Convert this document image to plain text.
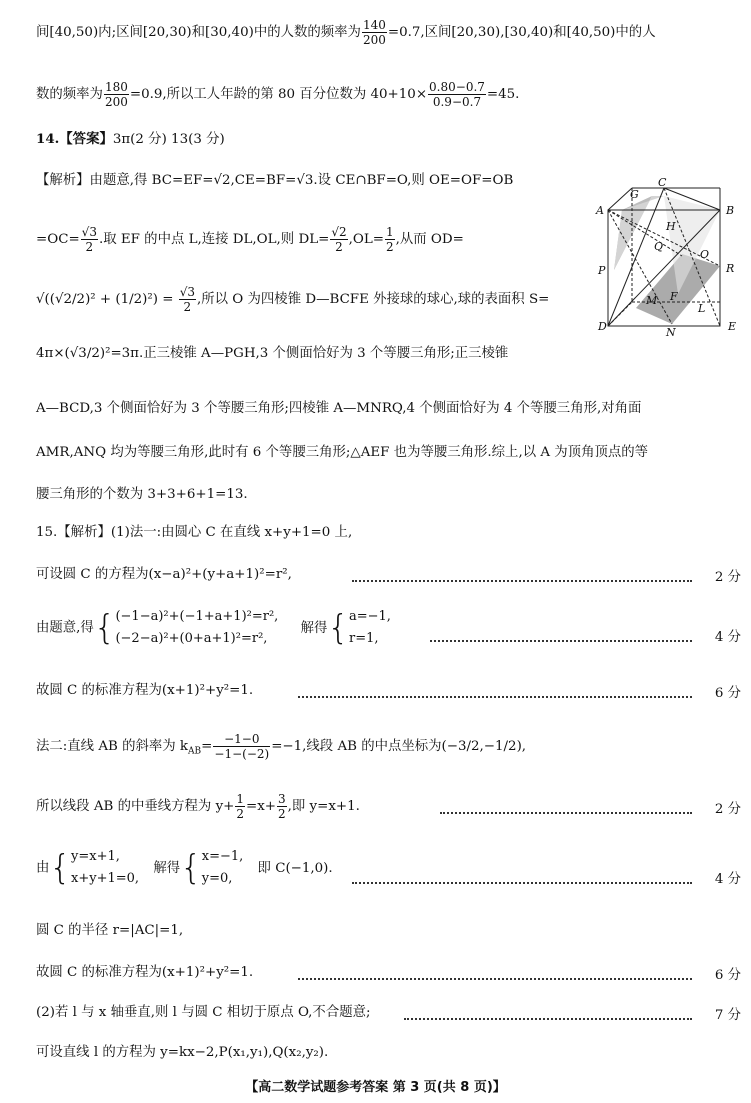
间[40,50)内;区间[20,30)和[30,40)中的人数的频率为 $\frac{140}{200} =0.7$,区间[20,30),[30,40)和[40,50)中的人
数的频率为 $\frac{180}{200} =0.9$,所以工人年龄的第 80 百分位数为 $40+10\times \frac{0.80-0.7}{0.9-0.7} =45$.
14.【答案】3π(2 分) 13(3 分)
【解析】由题意,得 BC=EF=√2,CE=BF=√3.设 CE∩BF=O,则 OE=OF=OB
$=OC= \frac{√3}{2}$ .取 EF 的中点 L,连接 DL,OL,则 $DL= \frac{√2}{2} ,OL= \frac{1}{2}$ ,从而 OD=
$√((√2/2)^2 + (1/2)^2) = \frac{√3}{2}$ ,所以 O 为四棱锥 D—BCFE 外接球的球心,球的表面积 S=
4π×(√3/2)²=3π.正三棱锥 A—PGH,3 个侧面恰好为 3 个等腰三角形;正三棱锥
A—BCD,3 个侧面恰好为 3 个等腰三角形;四棱锥 A—MNRQ,4 个侧面恰好为 4 个等腰三角形,对角面
AMR,ANQ 均为等腰三角形,此时有 6 个等腰三角形;△AEF 也为等腰三角形.综上,以 A 为顶角顶点的等
腰三角形的个数为 3+3+6+1=13.
A	B
C
D	E
F
G
H
L
M
N
O
P
Q
R
15.【解析】(1)法一:由圆心 C 在直线 x+y+1=0 上,
可设圆 C 的方程为(x−a)²+(y+a+1)²=r²,	2 分
由题意,得{ (−1−a)²+(−1+a+1)²=r²,
(−2−a)²+(0+a+1)²=r²,
解得{ a=−1,
r=1,	4 分
故圆 C 的标准方程为(x+1)²+y²=1.	6 分
法二:直线 AB 的斜率为 $k_{AB}= \frac{-1-0}{-1-(-2)} =-1$,线段 AB 的中点坐标为(−3/2,−1/2),
所以线段 AB 的中垂线方程为 $y+ \frac{1}{2} =x+ \frac{3}{2}$ ,即 y=x+1.	2 分
由{ y=x+1,
x+y+1=0,
解得{ x=−1,
y=0,
即 C(−1,0).
4 分
圆 C 的半径 r=|AC|=1,
故圆 C 的标准方程为(x+1)²+y²=1.	6 分
(2)若 l 与 x 轴垂直,则 l 与圆 C 相切于原点 O,不合题意;	7 分
可设直线 l 的方程为 y=kx−2,P(x₁,y₁),Q(x₂,y₂).
【高二数学试题参考答案 第 3 页(共 8 页)】
